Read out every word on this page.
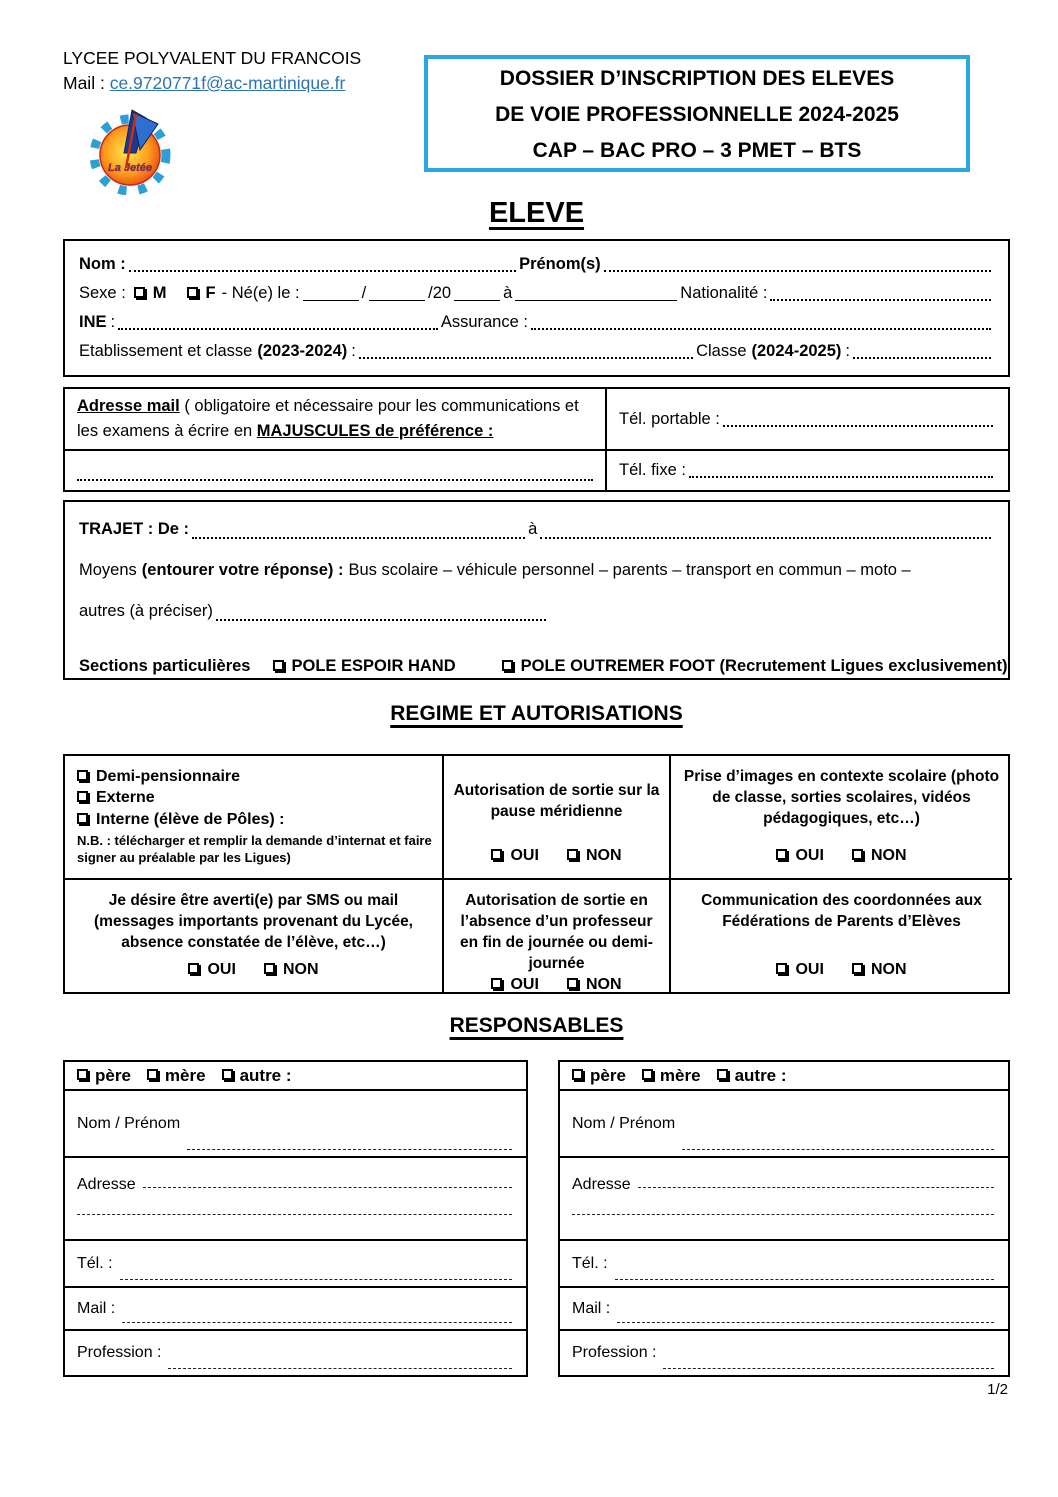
LYCEE POLYVALENT DU FRANCOIS
Mail : ce.9720771f@ac-martinique.fr
La Jetée
DOSSIER D’INSCRIPTION DES ELEVES
DE VOIE PROFESSIONNELLE 2024-2025
CAP – BAC PRO – 3 PMET – BTS
ELEVE
Nom :	Prénom(s)
Sexe : M F - Né(e) le :	/	/20	à	Nationalité :
INE :	Assurance :
Etablissement et classe (2023-2024) :	Classe (2024-2025) :
Adresse mail ( obligatoire et nécessaire pour les communications et les examens à écrire en MAJUSCULES de préférence :
Tél. portable :
Tél. fixe :
TRAJET : De :	à
Moyens (entourer votre réponse) : Bus scolaire – véhicule personnel – parents – transport en commun – moto –
autres (à préciser)
Sections particulières POLE ESPOIR HAND	POLE OUTREMER FOOT (Recrutement Ligues exclusivement)
REGIME ET AUTORISATIONS
Demi-pensionnaire
Externe
Interne (élève de Pôles) :
N.B. : télécharger et remplir la demande d’internat et faire signer au préalable par les Ligues)
Autorisation de sortie sur la pause méridienne
OUI	NON
Prise d’images en contexte scolaire (photo de classe, sorties scolaires, vidéos pédagogiques, etc…)
OUI	NON
Je désire être averti(e) par SMS ou mail (messages importants provenant du Lycée, absence constatée de l’élève, etc…)
OUI	NON
Autorisation de sortie en l’absence d’un professeur en fin de journée ou demi-journée
OUI	NON
Communication des coordonnées aux Fédérations de Parents d’Elèves
OUI	NON
RESPONSABLES
père mère autre :
Nom / Prénom
Adresse
Tél. :
Mail :
Profession :
père mère autre :
Nom / Prénom
Adresse
Tél. :
Mail :
Profession :
1/2
